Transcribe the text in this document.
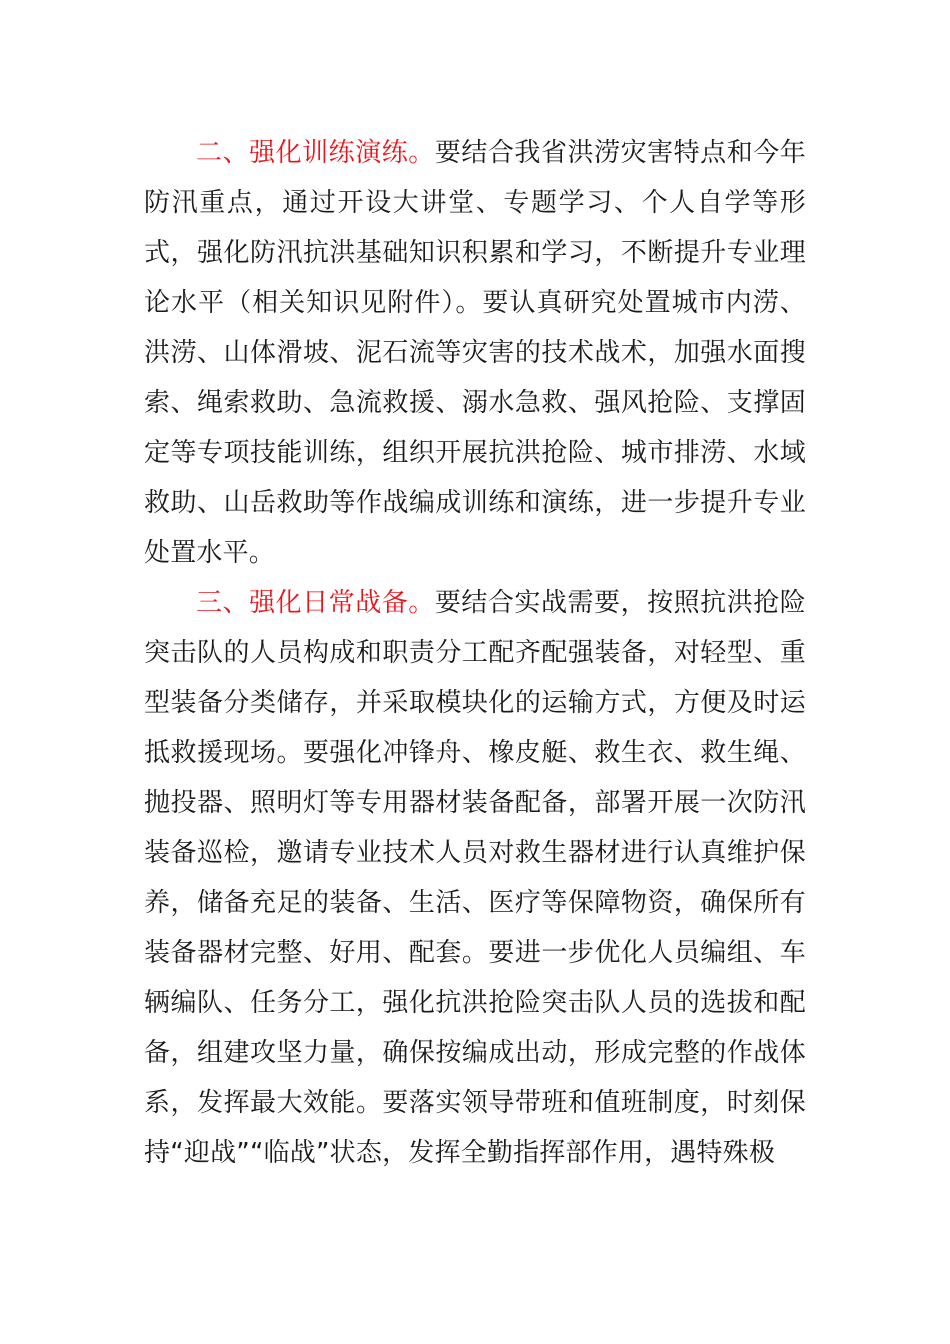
二、强化训练演练。要结合我省洪涝灾害特点和今年防汛重点，通过开设大讲堂、专题学习、个人自学等形式，强化防汛抗洪基础知识积累和学习，不断提升专业理论水平（相关知识见附件）。要认真研究处置城市内涝、洪涝、山体滑坡、泥石流等灾害的技术战术，加强水面搜索、绳索救助、急流救援、溺水急救、强风抢险、支撑固定等专项技能训练，组织开展抗洪抢险、城市排涝、水域救助、山岳救助等作战编成训练和演练，进一步提升专业处置水平。

三、强化日常战备。要结合实战需要，按照抗洪抢险突击队的人员构成和职责分工配齐配强装备，对轻型、重型装备分类储存，并采取模块化的运输方式，方便及时运抵救援现场。要强化冲锋舟、橡皮艇、救生衣、救生绳、抛投器、照明灯等专用器材装备配备，部署开展一次防汛装备巡检，邀请专业技术人员对救生器材进行认真维护保养，储备充足的装备、生活、医疗等保障物资，确保所有装备器材完整、好用、配套。要进一步优化人员编组、车辆编队、任务分工，强化抗洪抢险突击队人员的选拔和配备，组建攻坚力量，确保按编成出动，形成完整的作战体系，发挥最大效能。要落实领导带班和值班制度，时刻保持“迎战”“临战”状态，发挥全勤指挥部作用，遇特殊极
